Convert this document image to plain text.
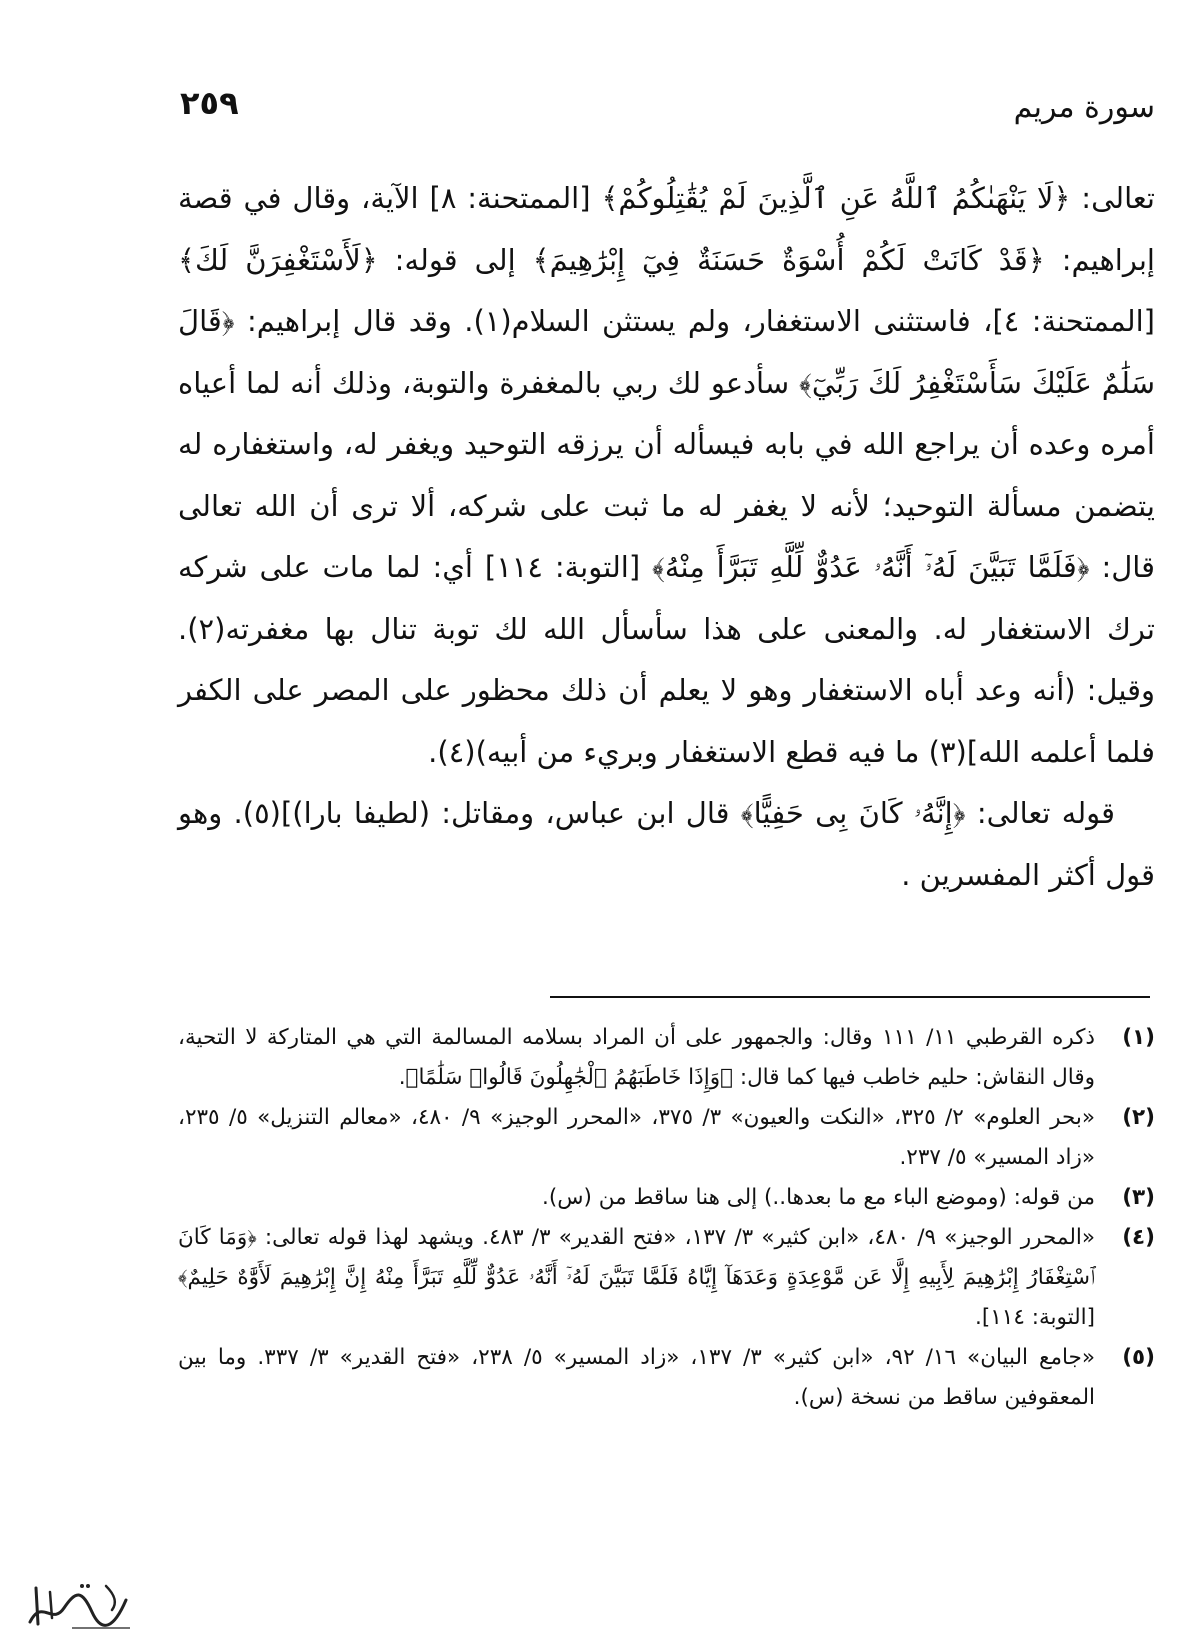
٢٥٩	سورة مريم

تعالى: ﴿لَا يَنْهَىٰكُمُ ٱللَّهُ عَنِ ٱلَّذِينَ لَمْ يُقَٰتِلُوكُمْ﴾ [الممتحنة: ٨] الآية، وقال في قصة إبراهيم: ﴿قَدْ كَانَتْ لَكُمْ أُسْوَةٌ حَسَنَةٌ فِيٓ إِبْرَٰهِيمَ﴾ إلى قوله: ﴿لَأَسْتَغْفِرَنَّ لَكَ﴾ [الممتحنة: ٤]، فاستثنى الاستغفار، ولم يستثن السلام(١). وقد قال إبراهيم: ﴿قَالَ سَلَٰمٌ عَلَيْكَ سَأَسْتَغْفِرُ لَكَ رَبِّيٓ﴾ سأدعو لك ربي بالمغفرة والتوبة، وذلك أنه لما أعياه أمره وعده أن يراجع الله في بابه فيسأله أن يرزقه التوحيد ويغفر له، واستغفاره له يتضمن مسألة التوحيد؛ لأنه لا يغفر له ما ثبت على شركه، ألا ترى أن الله تعالى قال: ﴿فَلَمَّا تَبَيَّنَ لَهُۥٓ أَنَّهُۥ عَدُوٌّ لِّلَّهِ تَبَرَّأَ مِنْهُ﴾ [التوبة: ١١٤] أي: لما مات على شركه ترك الاستغفار له. والمعنى على هذا سأسأل الله لك توبة تنال بها مغفرته(٢). وقيل: (أنه وعد أباه الاستغفار وهو لا يعلم أن ذلك محظور على المصر على الكفر فلما أعلمه الله](٣) ما فيه قطع الاستغفار وبريء من أبيه)(٤).

قوله تعالى: ﴿إِنَّهُۥ كَانَ بِى حَفِيًّا﴾ قال ابن عباس، ومقاتل: (لطيفا بارا)](٥). وهو قول أكثر المفسرين .

(١)
ذكره القرطبي ١١/ ١١١ وقال: والجمهور على أن المراد بسلامه المسالمة التي هي المتاركة لا التحية، وقال النقاش: حليم خاطب فيها كما قال: ﴿وَإِذَا خَاطَبَهُمُ ٱلْجَٰهِلُونَ قَالُوا۟ سَلَٰمًا﴾.
(٢)
«بحر العلوم» ٢/ ٣٢٥، «النكت والعيون» ٣/ ٣٧٥، «المحرر الوجيز» ٩/ ٤٨٠، «معالم التنزيل» ٥/ ٢٣٥، «زاد المسير» ٥/ ٢٣٧.
(٣)
من قوله: (وموضع الباء مع ما بعدها..) إلى هنا ساقط من (س).
(٤)
«المحرر الوجيز» ٩/ ٤٨٠، «ابن كثير» ٣/ ١٣٧، «فتح القدير» ٣/ ٤٨٣. ويشهد لهذا قوله تعالى: ﴿وَمَا كَانَ ٱسْتِغْفَارُ إِبْرَٰهِيمَ لِأَبِيهِ إِلَّا عَن مَّوْعِدَةٍ وَعَدَهَآ إِيَّاهُ فَلَمَّا تَبَيَّنَ لَهُۥٓ أَنَّهُۥ عَدُوٌّ لِّلَّهِ تَبَرَّأَ مِنْهُ إِنَّ إِبْرَٰهِيمَ لَأَوَّٰهٌ حَلِيمٌ﴾ [التوبة: ١١٤].
(٥)
«جامع البيان» ١٦/ ٩٢، «ابن كثير» ٣/ ١٣٧، «زاد المسير» ٥/ ٢٣٨، «فتح القدير» ٣/ ٣٣٧. وما بين المعقوفين ساقط من نسخة (س).
